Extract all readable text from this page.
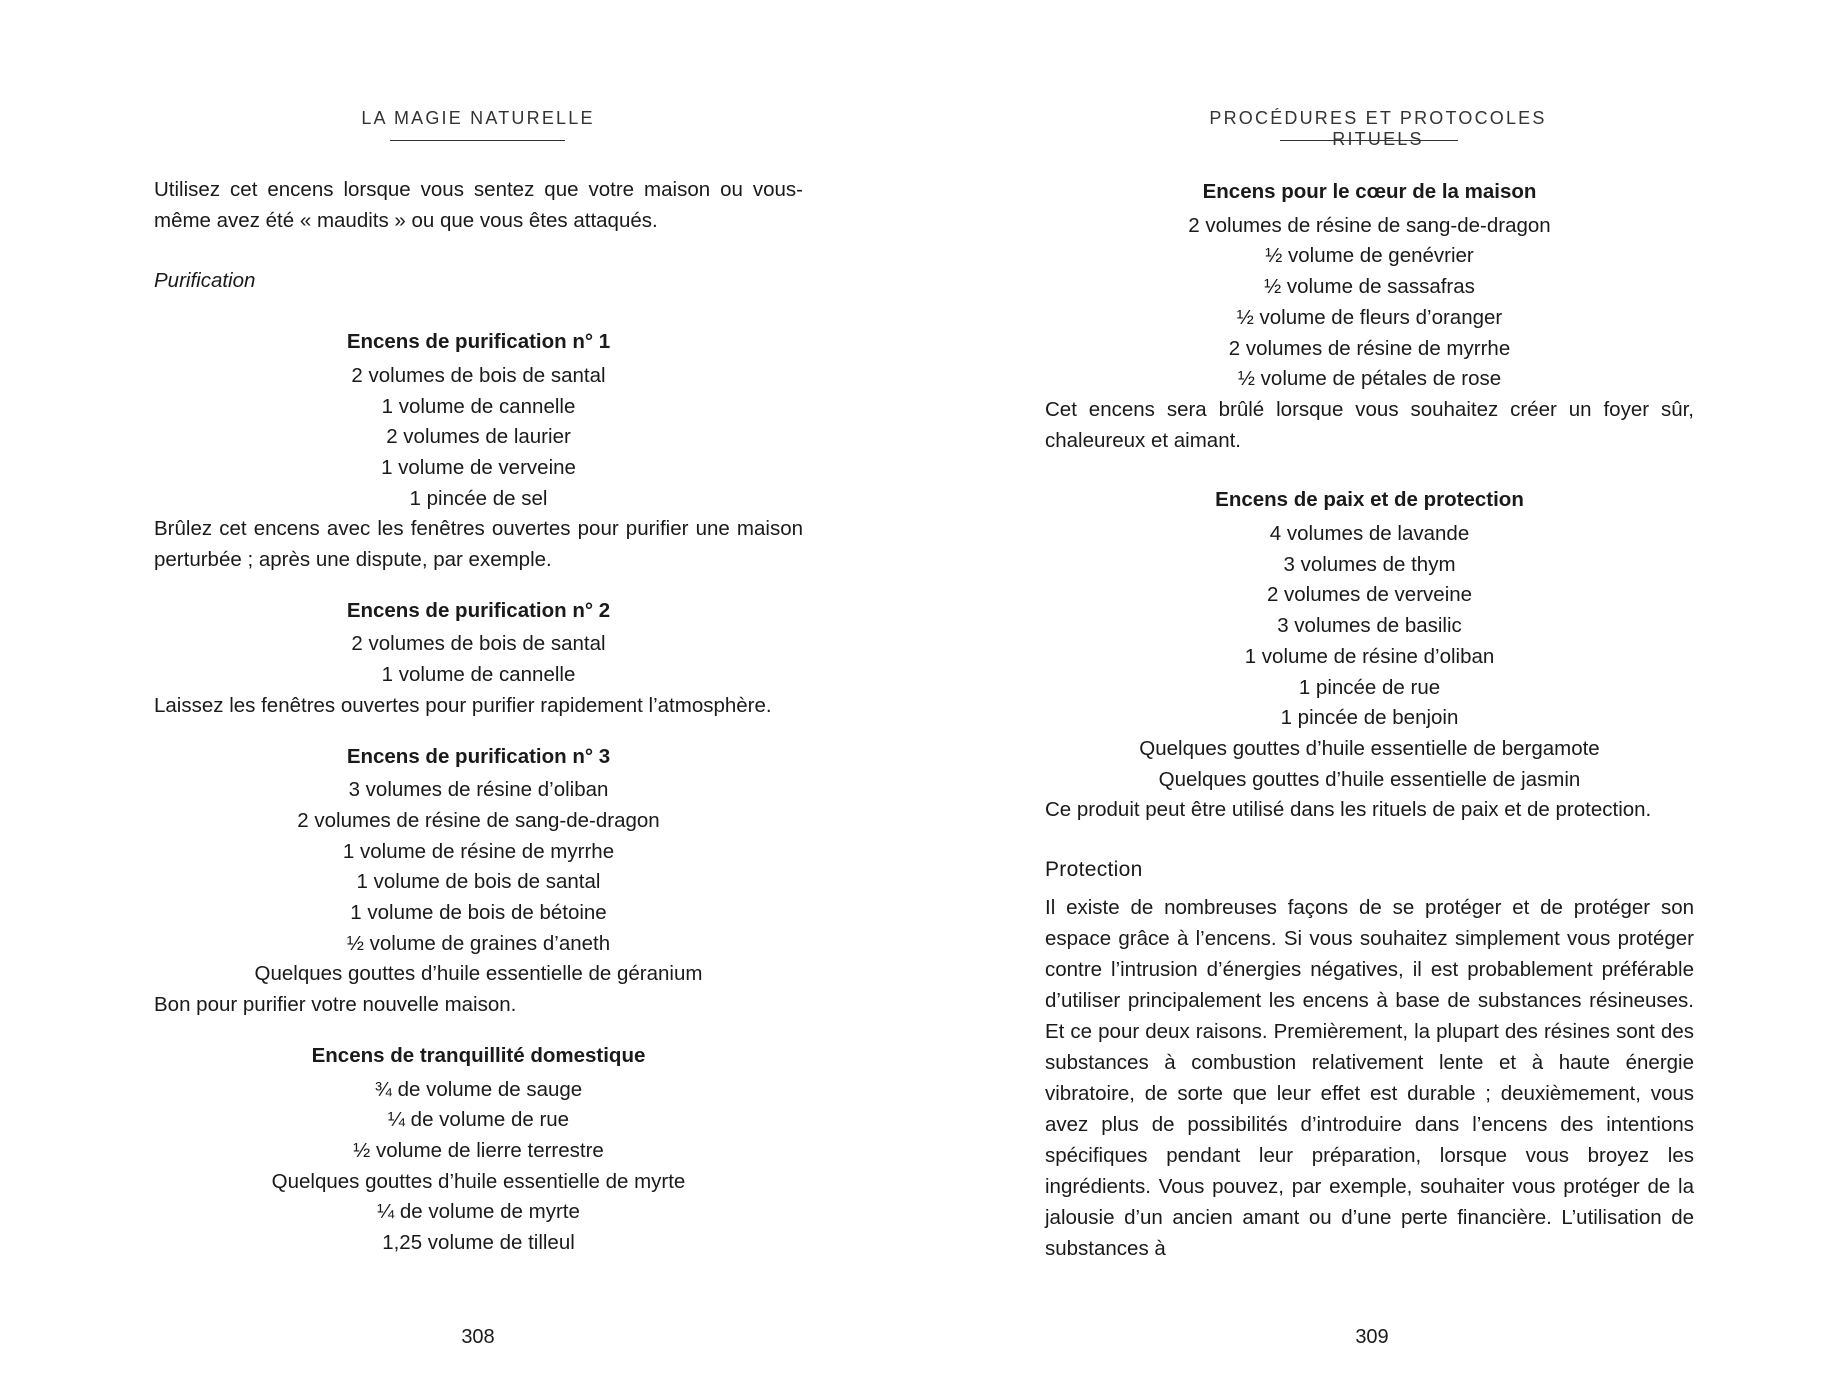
LA MAGIE NATURELLE

Utilisez cet encens lorsque vous sentez que votre maison ou vous-même avez été « maudits » ou que vous êtes attaqués.

Purification

Encens de purification n° 1
2 volumes de bois de santal
1 volume de cannelle
2 volumes de laurier
1 volume de verveine
1 pincée de sel

Brûlez cet encens avec les fenêtres ouvertes pour purifier une maison perturbée ; après une dispute, par exemple.

Encens de purification n° 2
2 volumes de bois de santal
1 volume de cannelle

Laissez les fenêtres ouvertes pour purifier rapidement l’atmosphère.

Encens de purification n° 3
3 volumes de résine d’oliban
2 volumes de résine de sang-de-dragon
1 volume de résine de myrrhe
1 volume de bois de santal
1 volume de bois de bétoine
½ volume de graines d’aneth
Quelques gouttes d’huile essentielle de géranium

Bon pour purifier votre nouvelle maison.

Encens de tranquillité domestique
¾ de volume de sauge
¼ de volume de rue
½ volume de lierre terrestre
Quelques gouttes d’huile essentielle de myrte
¼ de volume de myrte
1,25 volume de tilleul
308
PROCÉDURES ET PROTOCOLES RITUELS
Encens pour le cœur de la maison
2 volumes de résine de sang-de-dragon
½ volume de genévrier
½ volume de sassafras
½ volume de fleurs d’oranger
2 volumes de résine de myrrhe
½ volume de pétales de rose

Cet encens sera brûlé lorsque vous souhaitez créer un foyer sûr, chaleureux et aimant.

Encens de paix et de protection
4 volumes de lavande
3 volumes de thym
2 volumes de verveine
3 volumes de basilic
1 volume de résine d’oliban
1 pincée de rue
1 pincée de benjoin
Quelques gouttes d’huile essentielle de bergamote
Quelques gouttes d’huile essentielle de jasmin

Ce produit peut être utilisé dans les rituels de paix et de protection.

Protection

Il existe de nombreuses façons de se protéger et de protéger son espace grâce à l’encens. Si vous souhaitez simplement vous protéger contre l’intrusion d’énergies négatives, il est probablement préférable d’utiliser principalement les encens à base de substances résineuses. Et ce pour deux raisons. Premièrement, la plupart des résines sont des substances à combustion relativement lente et à haute énergie vibratoire, de sorte que leur effet est durable ; deuxièmement, vous avez plus de possibilités d’introduire dans l’encens des intentions spécifiques pendant leur préparation, lorsque vous broyez les ingrédients. Vous pouvez, par exemple, souhaiter vous protéger de la jalousie d’un ancien amant ou d’une perte financière. L’utilisation de substances à

309
